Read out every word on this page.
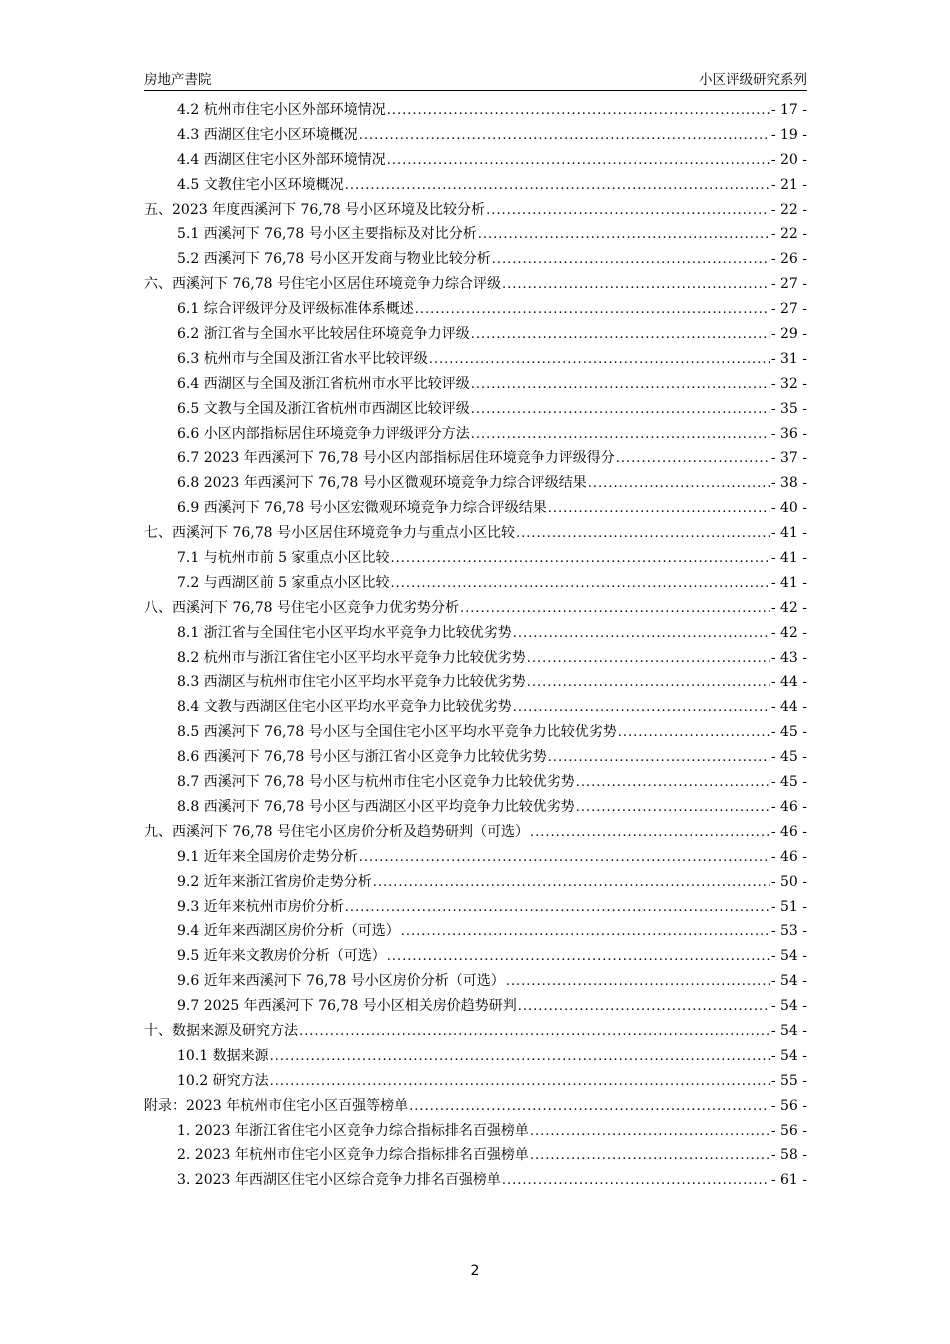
房地产書院	小区评级研究系列
4.2 杭州市住宅小区外部环境情况 .....	- 17 -
4.3 西湖区住宅小区环境概况 .....	- 19 -
4.4 西湖区住宅小区外部环境情况 .....	- 20 -
4.5 文教住宅小区环境概况 .....	- 21 -
五、2023 年度西溪河下 76,78 号小区环境及比较分析 .....	- 22 -
5.1 西溪河下 76,78 号小区主要指标及对比分析 .....	- 22 -
5.2 西溪河下 76,78 号小区开发商与物业比较分析 .....	- 26 -
六、西溪河下 76,78 号住宅小区居住环境竞争力综合评级 .....	- 27 -
6.1 综合评级评分及评级标准体系概述 .....	- 27 -
6.2 浙江省与全国水平比较居住环境竞争力评级 .....	- 29 -
6.3 杭州市与全国及浙江省水平比较评级 .....	- 31 -
6.4 西湖区与全国及浙江省杭州市水平比较评级 .....	- 32 -
6.5 文教与全国及浙江省杭州市西湖区比较评级 .....	- 35 -
6.6 小区内部指标居住环境竞争力评级评分方法 .....	- 36 -
6.7 2023 年西溪河下 76,78 号小区内部指标居住环境竞争力评级得分 .....	- 37 -
6.8 2023 年西溪河下 76,78 号小区微观环境竞争力综合评级结果 .....	- 38 -
6.9 西溪河下 76,78 号小区宏微观环境竞争力综合评级结果 .....	- 40 -
七、西溪河下 76,78 号小区居住环境竞争力与重点小区比较 .....	- 41 -
7.1 与杭州市前 5 家重点小区比较 .....	- 41 -
7.2 与西湖区前 5 家重点小区比较 .....	- 41 -
八、西溪河下 76,78 号住宅小区竞争力优劣势分析 .....	- 42 -
8.1 浙江省与全国住宅小区平均水平竞争力比较优劣势 .....	- 42 -
8.2 杭州市与浙江省住宅小区平均水平竞争力比较优劣势 .....	- 43 -
8.3 西湖区与杭州市住宅小区平均水平竞争力比较优劣势 .....	- 44 -
8.4 文教与西湖区住宅小区平均水平竞争力比较优劣势 .....	- 44 -
8.5 西溪河下 76,78 号小区与全国住宅小区平均水平竞争力比较优劣势 .....	- 45 -
8.6 西溪河下 76,78 号小区与浙江省小区竞争力比较优劣势 .....	- 45 -
8.7 西溪河下 76,78 号小区与杭州市住宅小区竞争力比较优劣势 .....	- 45 -
8.8 西溪河下 76,78 号小区与西湖区小区平均竞争力比较优劣势 .....	- 46 -
九、西溪河下 76,78 号住宅小区房价分析及趋势研判（可选） .....	- 46 -
9.1 近年来全国房价走势分析 .....	- 46 -
9.2 近年来浙江省房价走势分析 .....	- 50 -
9.3 近年来杭州市房价分析 .....	- 51 -
9.4 近年来西湖区房价分析（可选） .....	- 53 -
9.5 近年来文教房价分析（可选） .....	- 54 -
9.6 近年来西溪河下 76,78 号小区房价分析（可选） .....	- 54 -
9.7 2025 年西溪河下 76,78 号小区相关房价趋势研判 .....	- 54 -
十、数据来源及研究方法 .....	- 54 -
10.1 数据来源 .....	- 54 -
10.2 研究方法 .....	- 55 -
附录：2023 年杭州市住宅小区百强等榜单 .....	- 56 -
1. 2023 年浙江省住宅小区竞争力综合指标排名百强榜单 .....	- 56 -
2. 2023 年杭州市住宅小区竞争力综合指标排名百强榜单 .....	- 58 -
3. 2023 年西湖区住宅小区综合竞争力排名百强榜单 .....	- 61 -
2
